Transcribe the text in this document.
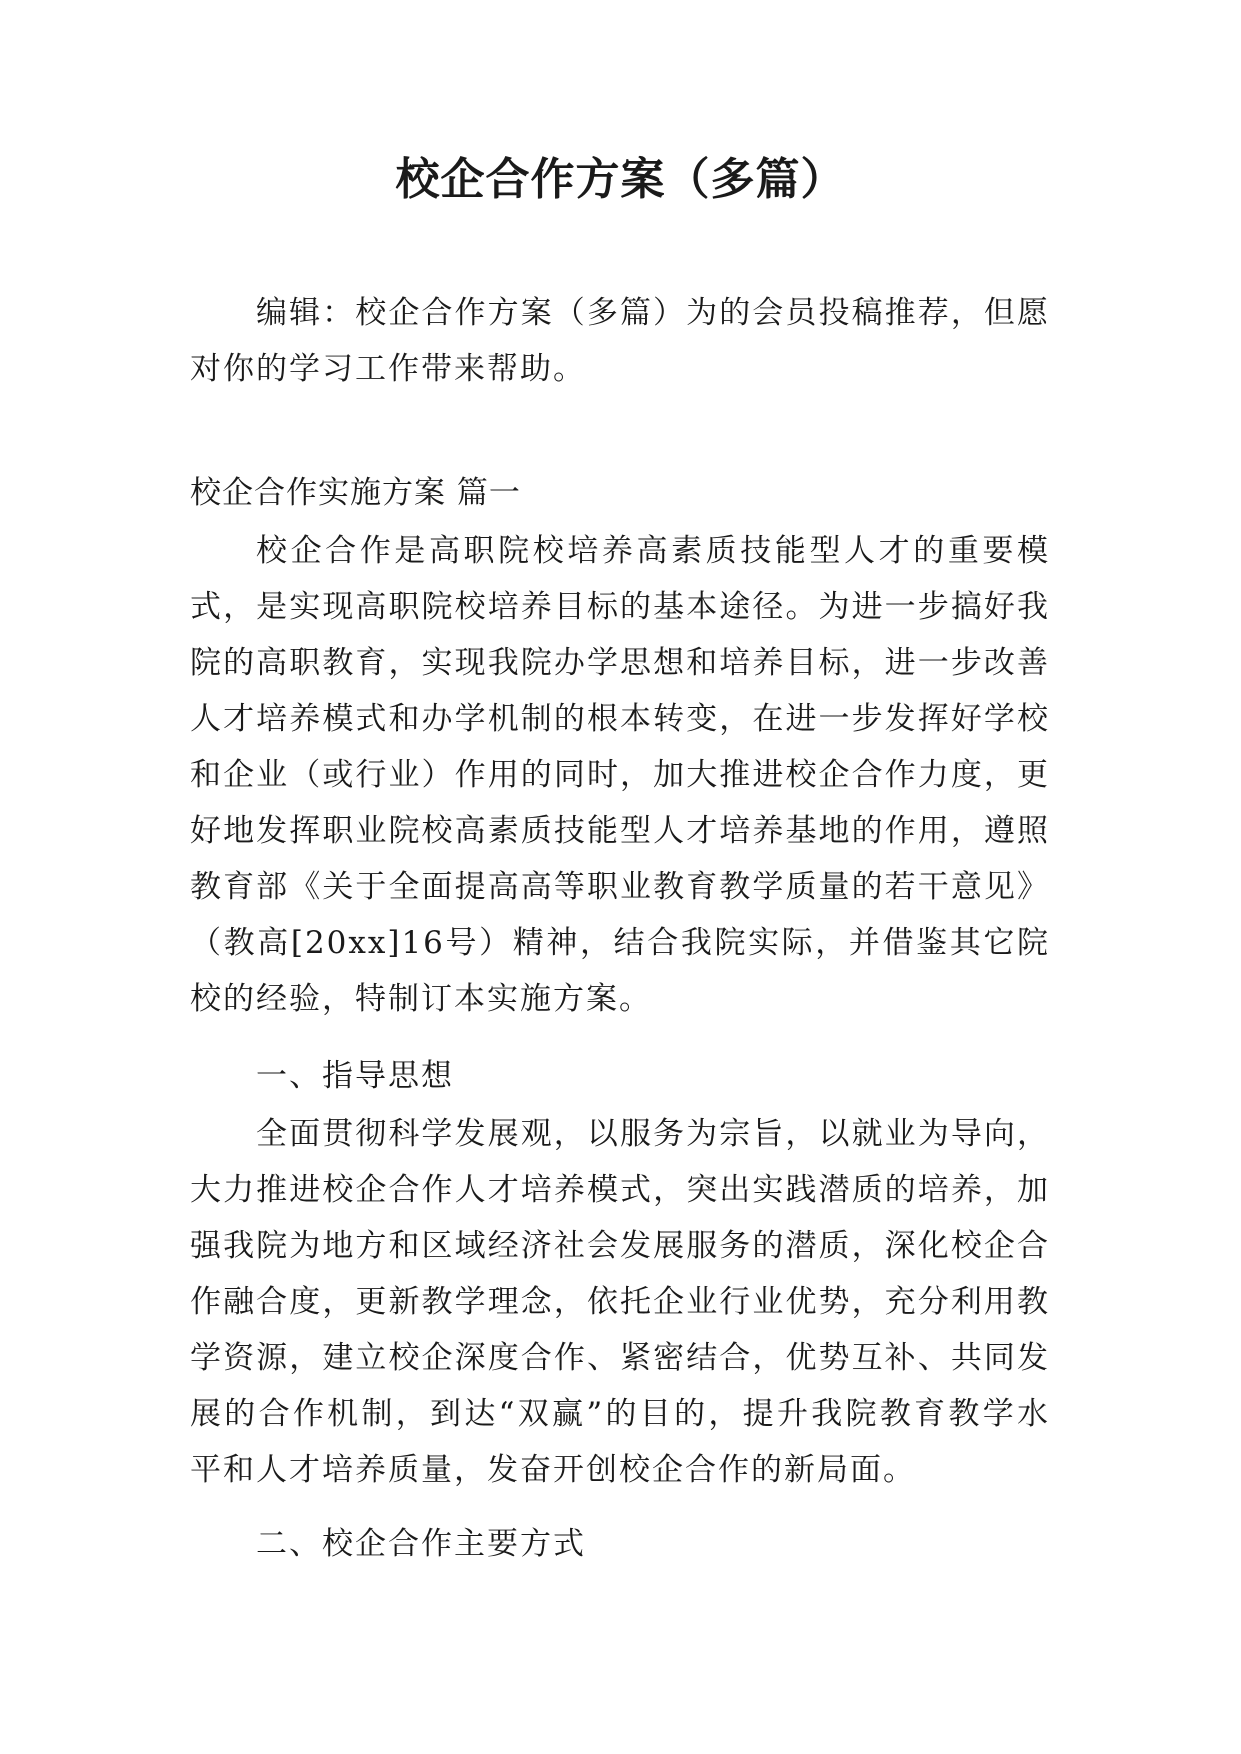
校企合作方案（多篇）

编辑：校企合作方案（多篇）为的会员投稿推荐，但愿对你的学习工作带来帮助。

校企合作实施方案 篇一

校企合作是高职院校培养高素质技能型人才的重要模式，是实现高职院校培养目标的基本途径。为进一步搞好我院的高职教育，实现我院办学思想和培养目标，进一步改善人才培养模式和办学机制的根本转变，在进一步发挥好学校和企业（或行业）作用的同时，加大推进校企合作力度，更好地发挥职业院校高素质技能型人才培养基地的作用，遵照教育部《关于全面提高高等职业教育教学质量的若干意见》（教高[20xx]16号）精神，结合我院实际，并借鉴其它院校的经验，特制订本实施方案。

一、指导思想

全面贯彻科学发展观，以服务为宗旨，以就业为导向，大力推进校企合作人才培养模式，突出实践潜质的培养，加强我院为地方和区域经济社会发展服务的潜质，深化校企合作融合度，更新教学理念，依托企业行业优势，充分利用教学资源，建立校企深度合作、紧密结合，优势互补、共同发展的合作机制，到达“双赢”的目的，提升我院教育教学水平和人才培养质量，发奋开创校企合作的新局面。

二、校企合作主要方式
